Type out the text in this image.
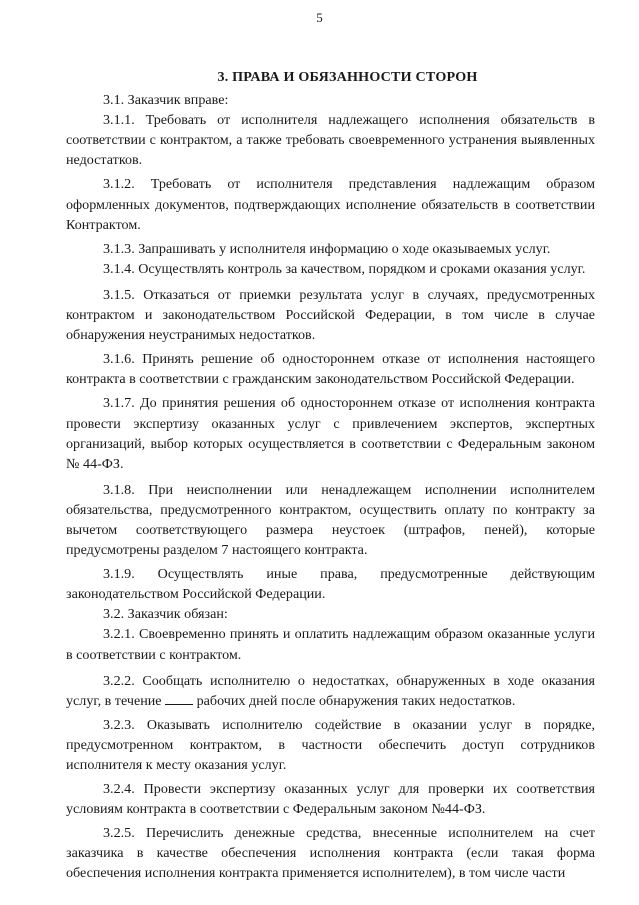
5
3. ПРАВА И ОБЯЗАННОСТИ СТОРОН

3.1. Заказчик вправе:

3.1.1. Требовать от исполнителя надлежащего исполнения обязательств в соответствии с контрактом, а также требовать своевременного устранения выявленных недостатков.

3.1.2. Требовать от исполнителя представления надлежащим образом оформленных документов, подтверждающих исполнение обязательств в соответствии Контрактом.

3.1.3. Запрашивать у исполнителя информацию о ходе оказываемых услуг.

3.1.4. Осуществлять контроль за качеством, порядком и сроками оказания услуг.

3.1.5. Отказаться от приемки результата услуг в случаях, предусмотренных контрактом и законодательством Российской Федерации, в том числе в случае обнаружения неустранимых недостатков.

3.1.6. Принять решение об одностороннем отказе от исполнения настоящего контракта в соответствии с гражданским законодательством Российской Федерации.

3.1.7. До принятия решения об одностороннем отказе от исполнения контракта провести экспертизу оказанных услуг с привлечением экспертов, экспертных организаций, выбор которых осуществляется в соответствии с Федеральным законом № 44-ФЗ.

3.1.8. При неисполнении или ненадлежащем исполнении исполнителем обязательства, предусмотренного контрактом, осуществить оплату по контракту за вычетом соответствующего размера неустоек (штрафов, пеней), которые предусмотрены разделом 7 настоящего контракта.

3.1.9. Осуществлять иные права, предусмотренные действующим законодательством Российской Федерации.

3.2. Заказчик обязан:

3.2.1. Своевременно принять и оплатить надлежащим образом оказанные услуги в соответствии с контрактом.

3.2.2. Сообщать исполнителю о недостатках, обнаруженных в ходе оказания услуг, в течение рабочих дней после обнаружения таких недостатков.

3.2.3. Оказывать исполнителю содействие в оказании услуг в порядке, предусмотренном контрактом, в частности обеспечить доступ сотрудников исполнителя к месту оказания услуг.

3.2.4. Провести экспертизу оказанных услуг для проверки их соответствия условиям контракта в соответствии с Федеральным законом №44-ФЗ.

3.2.5. Перечислить денежные средства, внесенные исполнителем на счет заказчика в качестве обеспечения исполнения контракта (если такая форма обеспечения исполнения контракта применяется исполнителем), в том числе части
